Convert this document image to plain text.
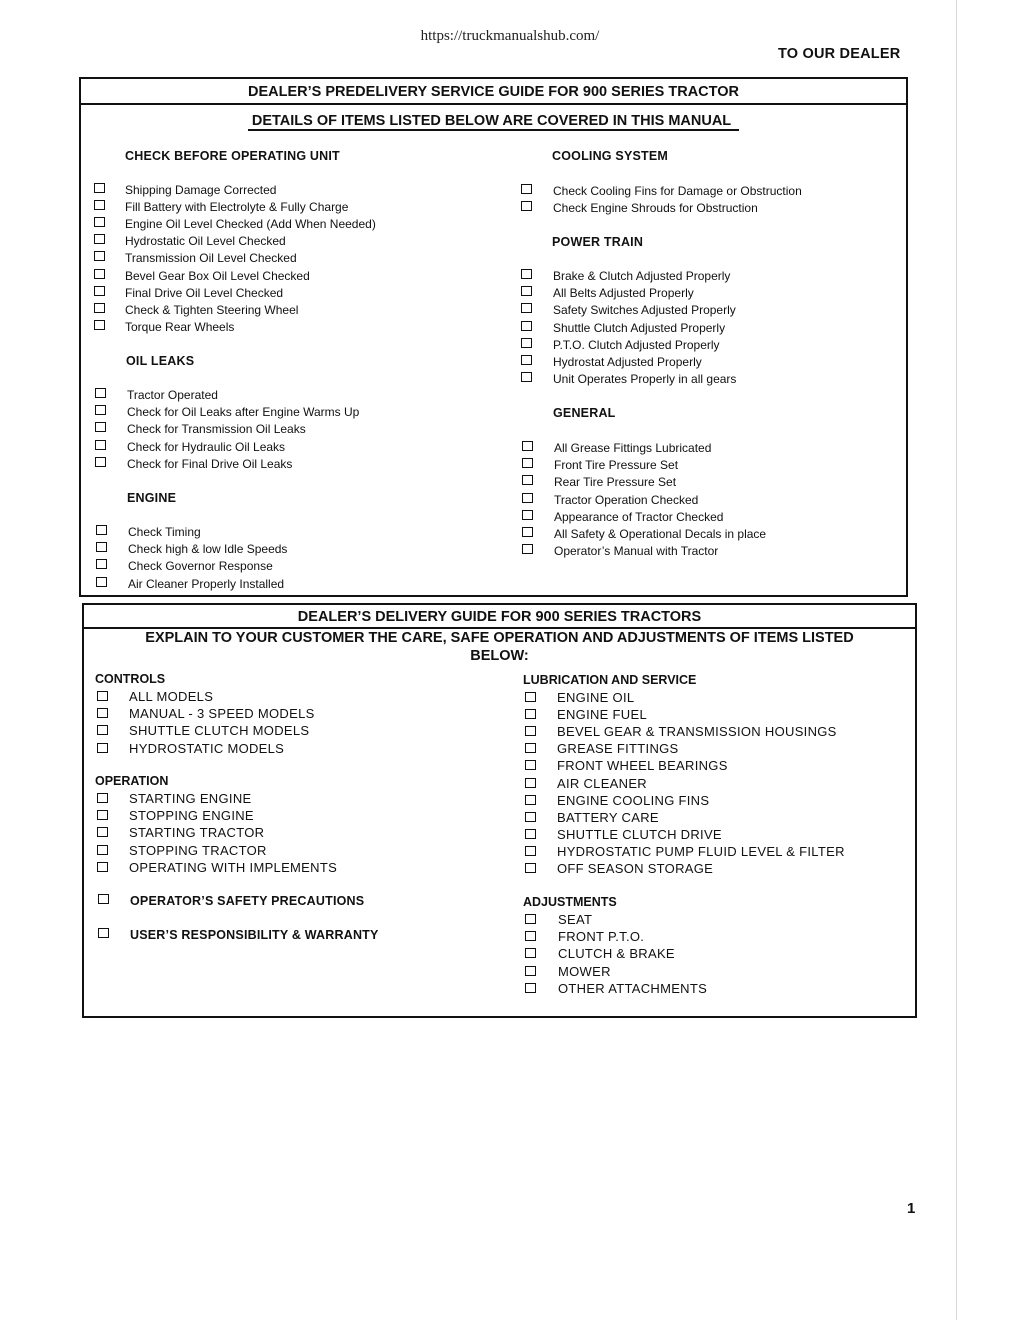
https://truckmanualshub.com/
TO OUR DEALER
DEALER’S PREDELIVERY SERVICE GUIDE FOR 900 SERIES TRACTOR
DETAILS OF ITEMS LISTED BELOW ARE COVERED IN THIS MANUAL
CHECK BEFORE OPERATING UNIT
Shipping Damage Corrected
Fill Battery with Electrolyte & Fully Charge
Engine Oil Level Checked (Add When Needed)
Hydrostatic Oil Level Checked
Transmission Oil Level Checked
Bevel Gear Box Oil Level Checked
Final Drive Oil Level Checked
Check & Tighten Steering Wheel
Torque Rear Wheels
OIL LEAKS
Tractor Operated
Check for Oil Leaks after Engine Warms Up
Check for Transmission Oil Leaks
Check for Hydraulic Oil Leaks
Check for Final Drive Oil Leaks
ENGINE
Check Timing
Check high & low Idle Speeds
Check Governor Response
Air Cleaner Properly Installed
COOLING SYSTEM
Check Cooling Fins for Damage or Obstruction
Check Engine Shrouds for Obstruction
POWER TRAIN
Brake & Clutch Adjusted Properly
All Belts Adjusted Properly
Safety Switches Adjusted Properly
Shuttle Clutch Adjusted Properly
P.T.O. Clutch Adjusted Properly
Hydrostat Adjusted Properly
Unit Operates Properly in all gears
GENERAL
All Grease Fittings Lubricated
Front Tire Pressure Set
Rear Tire Pressure Set
Tractor Operation Checked
Appearance of Tractor Checked
All Safety & Operational Decals in place
Operator’s Manual with Tractor
DEALER’S DELIVERY GUIDE FOR 900 SERIES TRACTORS
EXPLAIN TO YOUR CUSTOMER THE CARE, SAFE OPERATION AND ADJUSTMENTS OF ITEMS LISTED
BELOW:
CONTROLS
ALL MODELS
MANUAL - 3 SPEED MODELS
SHUTTLE CLUTCH MODELS
HYDROSTATIC MODELS
OPERATION
STARTING ENGINE
STOPPING ENGINE
STARTING TRACTOR
STOPPING TRACTOR
OPERATING WITH IMPLEMENTS
OPERATOR’S SAFETY PRECAUTIONS
USER’S RESPONSIBILITY & WARRANTY
LUBRICATION AND SERVICE
ENGINE OIL
ENGINE FUEL
BEVEL GEAR & TRANSMISSION HOUSINGS
GREASE FITTINGS
FRONT WHEEL BEARINGS
AIR CLEANER
ENGINE COOLING FINS
BATTERY CARE
SHUTTLE CLUTCH DRIVE
HYDROSTATIC PUMP FLUID LEVEL & FILTER
OFF SEASON STORAGE
ADJUSTMENTS
SEAT
FRONT P.T.O.
CLUTCH & BRAKE
MOWER
OTHER ATTACHMENTS
1
